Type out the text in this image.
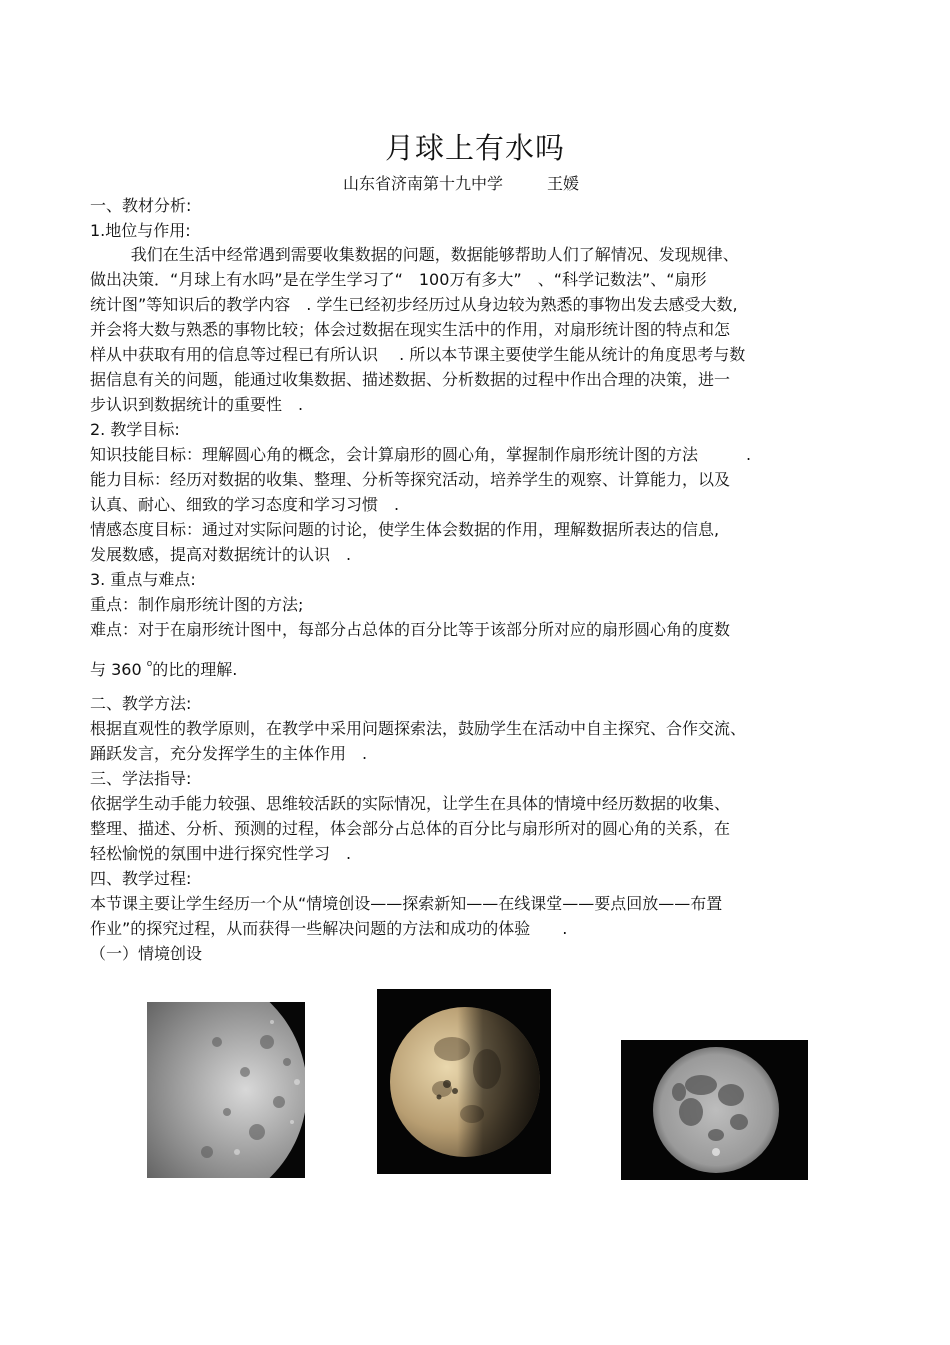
月球上有水吗
山东省济南第十九中学	王媛
一、教材分析:
1.地位与作用:
我们在生活中经常遇到需要收集数据的问题，数据能够帮助人们了解情况、发现规律、
做出决策．“月球上有水吗”是在学生学习了“　100万有多大”　、“科学记数法”、“扇形
统计图”等知识后的教学内容　. 学生已经初步经历过从身边较为熟悉的事物出发去感受大数,
并会将大数与熟悉的事物比较；体会过数据在现实生活中的作用，对扇形统计图的特点和怎
样从中获取有用的信息等过程已有所认识　 . 所以本节课主要使学生能从统计的角度思考与数
据信息有关的问题，能通过收集数据、描述数据、分析数据的过程中作出合理的决策，进一
步认识到数据统计的重要性　.
2. 教学目标:
知识技能目标：理解圆心角的概念，会计算扇形的圆心角，掌握制作扇形统计图的方法　　　.
能力目标：经历对数据的收集、整理、分析等探究活动，培养学生的观察、计算能力，以及
认真、耐心、细致的学习态度和学习习惯　.
情感态度目标：通过对实际问题的讨论，使学生体会数据的作用，理解数据所表达的信息,
发展数感，提高对数据统计的认识　.
3. 重点与难点:
重点：制作扇形统计图的方法;
难点：对于在扇形统计图中，每部分占总体的百分比等于该部分所对应的扇形圆心角的度数
与 360 $^o$的比的理解.
二、教学方法:
根据直观性的教学原则，在教学中采用问题探索法，鼓励学生在活动中自主探究、合作交流、
踊跃发言，充分发挥学生的主体作用　.
三、学法指导:
依据学生动手能力较强、思维较活跃的实际情况，让学生在具体的情境中经历数据的收集、
整理、描述、分析、预测的过程，体会部分占总体的百分比与扇形所对的圆心角的关系，在
轻松愉悦的氛围中进行探究性学习　.
四、教学过程:
本节课主要让学生经历一个从“情境创设——探索新知——在线课堂——要点回放——布置
作业”的探究过程，从而获得一些解决问题的方法和成功的体验　　.
（一）情境创设
